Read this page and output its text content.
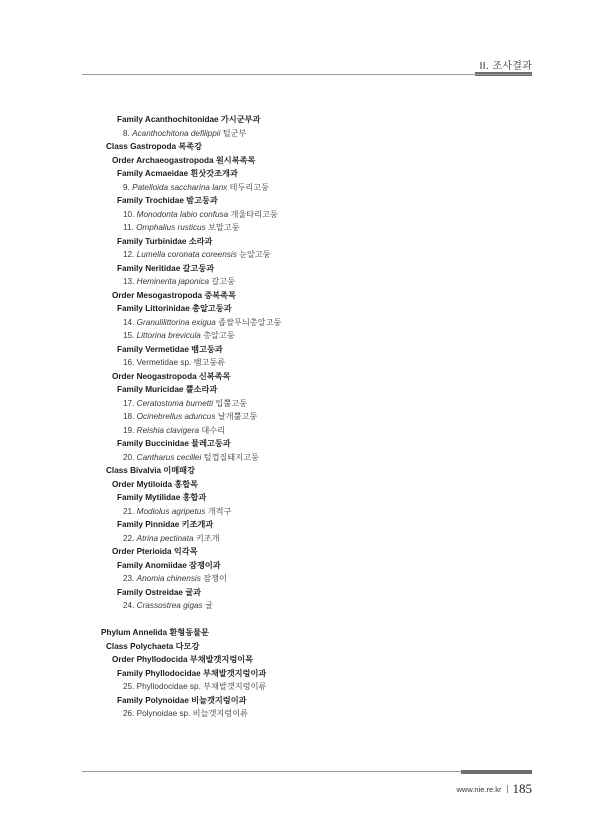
II. 조사결과
Family Acanthochitonidae 가시군부과
8. Acanthochitona defilippii 털군부
Class Gastropoda 복족강
Order Archaeogastropoda 원시복족목
Family Acmaeidae 흰삿갓조개과
9. Patelloida saccharina lanx 테두리고둥
Family Trochidae 밤고둥과
10. Monodonta labio confusa 개울타리고둥
11. Omphalius rusticus 보말고둥
Family Turbinidae 소라과
12. Lumella coronata coreensis 눈알고둥
Family Neritidae 갈고둥과
13. Heminerita japonica 갈고둥
Order Mesogastropoda 중복족목
Family Littorinidae 총알고둥과
14. Granulilittorina exigua 좁쌀무늬총알고둥
15. Littorina brevicula 총알고둥
Family Vermetidae 뱀고둥과
16. Vermetidae sp. 뱀고둥류
Order Neogastropoda 신복족목
Family Muricidae 뿔소라과
17. Ceratostoma burnetti 입뿔고둥
18. Ocinebrellus aduncus 날개뿔고둥
19. Reishia clavigera 대수리
Family Buccinidae 물레고둥과
20. Cantharus cecillei 털껍질돼지고둥
Class Bivalvia 이매패강
Order Mytiloida 홍합목
Family Mytilidae 홍합과
21. Modiolus agripetus 개적구
Family Pinnidae 키조개과
22. Atrina pectinata 키조개
Order Pterioida 익각목
Family Anomiidae 잠쟁이과
23. Anomia chinensis 잠쟁이
Family Ostreidae 굴과
24. Crassostrea gigas 굴
Phylum Annelida 환형동물문
Class Polychaeta 다모강
Order Phyllodocida 부채발갯지렁이목
Family Phyllodocidae 부채발갯지렁이과
25. Phyllodocidae sp. 부채발갯지렁이류
Family Polynoidae 비늘갯지렁이과
26. Polynoidae sp. 비늘갯지렁이류
www.nie.re.kr 185
